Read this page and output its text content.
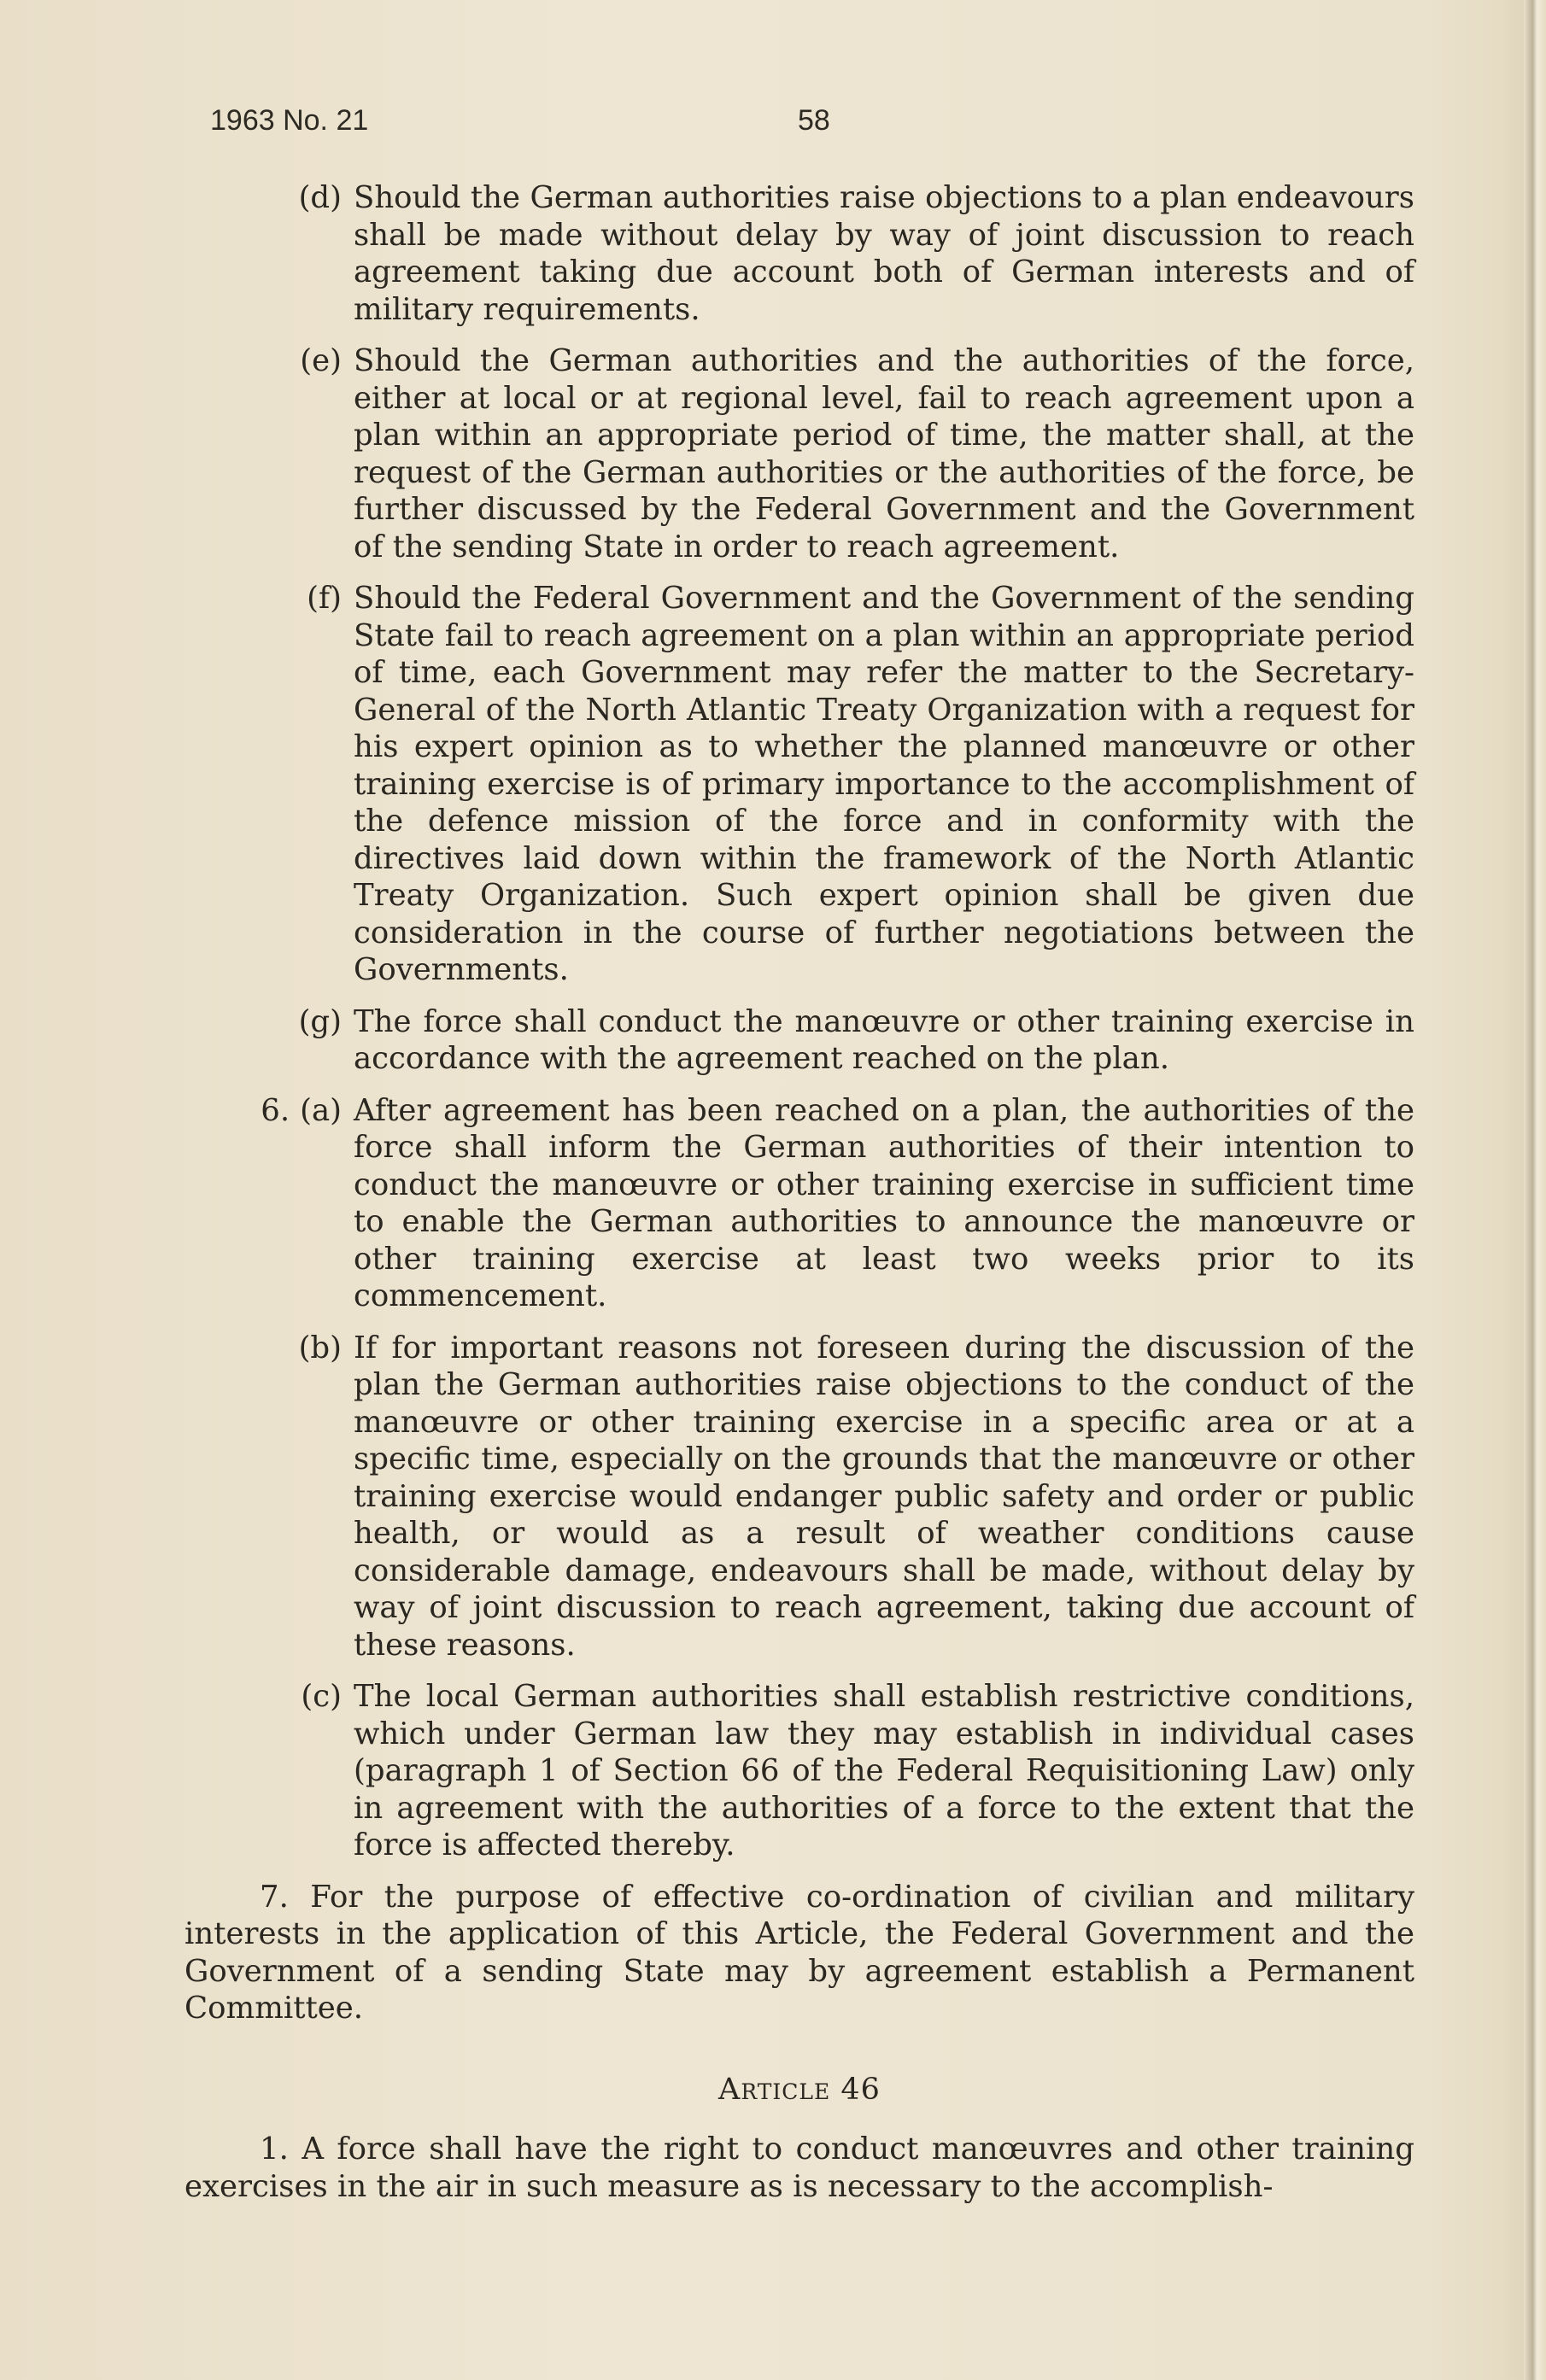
1963 No. 21	58
(d) Should the German authorities raise objections to a plan endeavours shall be made without delay by way of joint discussion to reach agreement taking due account both of German interests and of military requirements.
(e) Should the German authorities and the authorities of the force, either at local or at regional level, fail to reach agreement upon a plan within an appropriate period of time, the matter shall, at the request of the German authorities or the authorities of the force, be further discussed by the Federal Government and the Government of the sending State in order to reach agreement.
(f) Should the Federal Government and the Government of the sending State fail to reach agreement on a plan within an appropriate period of time, each Government may refer the matter to the Secretary-General of the North Atlantic Treaty Organization with a request for his expert opinion as to whether the planned manœuvre or other training exercise is of primary importance to the accomplishment of the defence mission of the force and in conformity with the directives laid down within the framework of the North Atlantic Treaty Organization. Such expert opinion shall be given due consideration in the course of further negotiations between the Governments.
(g) The force shall conduct the manœuvre or other training exercise in accordance with the agreement reached on the plan.
6. (a) After agreement has been reached on a plan, the authorities of the force shall inform the German authorities of their intention to conduct the manœuvre or other training exercise in sufficient time to enable the German authorities to announce the manœuvre or other training exercise at least two weeks prior to its commencement.
(b) If for important reasons not foreseen during the discussion of the plan the German authorities raise objections to the conduct of the manœuvre or other training exercise in a specific area or at a specific time, especially on the grounds that the manœuvre or other training exercise would endanger public safety and order or public health, or would as a result of weather conditions cause considerable damage, endeavours shall be made, without delay by way of joint discussion to reach agreement, taking due account of these reasons.
(c) The local German authorities shall establish restrictive conditions, which under German law they may establish in individual cases (paragraph 1 of Section 66 of the Federal Requisitioning Law) only in agreement with the authorities of a force to the extent that the force is affected thereby.

7. For the purpose of effective co-ordination of civilian and military interests in the application of this Article, the Federal Government and the Government of a sending State may by agreement establish a Permanent Committee.

Article 46

1. A force shall have the right to conduct manœuvres and other training exercises in the air in such measure as is necessary to the accomplish-
